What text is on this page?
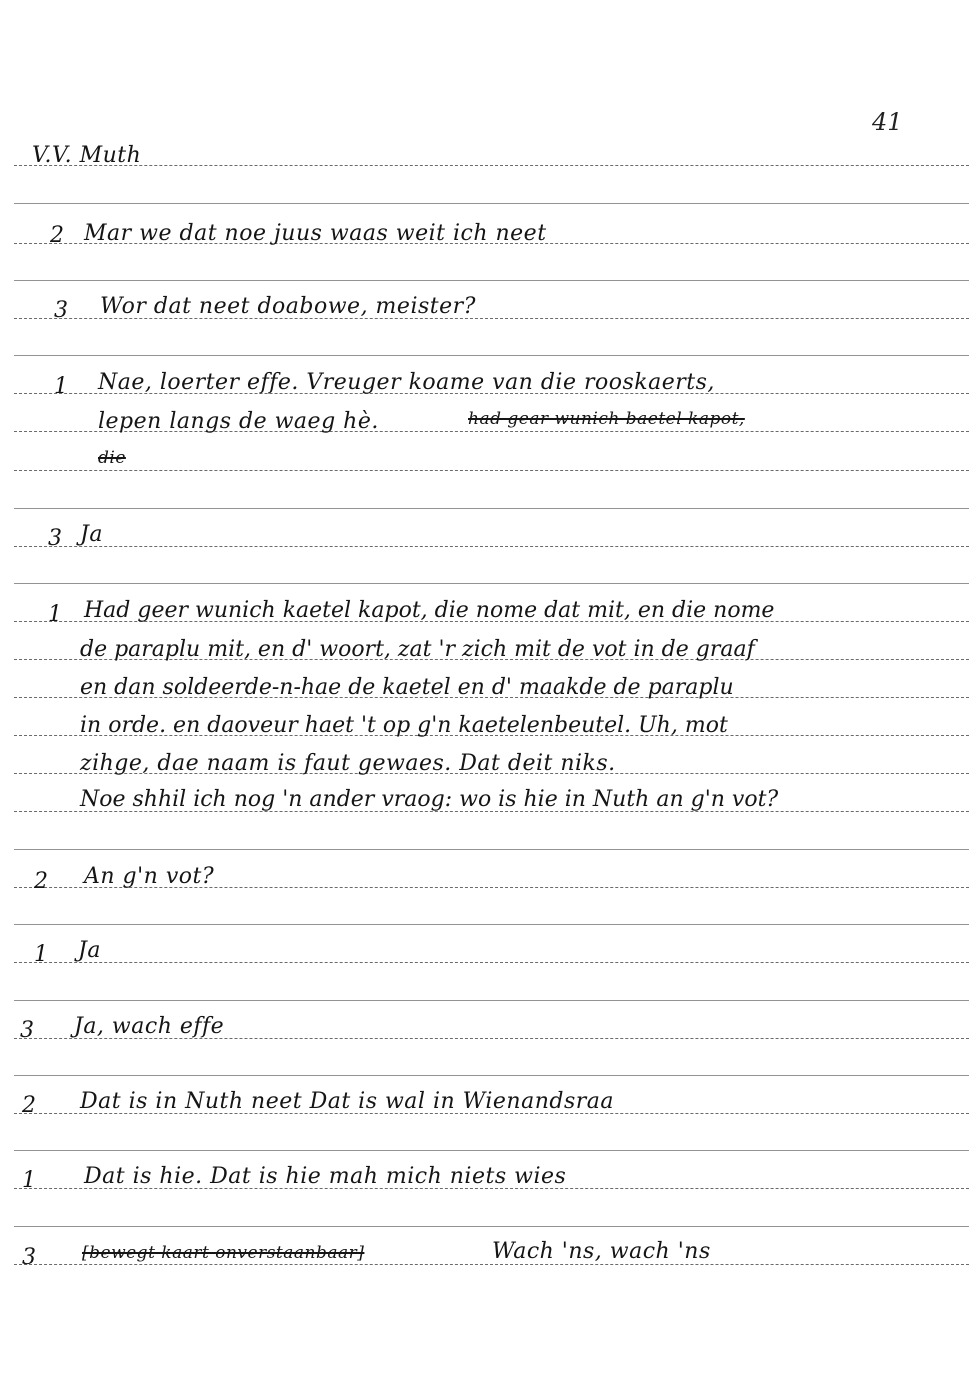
41
V.V. Muth
2 Mar we dat noe juus waas weit ich neet
3 Wor dat neet doabowe, meister?
1 Nae, loerter effe. Vreuger koame van die rooskaerts,
lepen langs de waeg hè.	had gear wunich baetel kapot,
die
3 Ja
1 Had geer wunich kaetel kapot, die nome dat mit, en die nome
de paraplu mit, en d' woort, zat 'r zich mit de vot in de graaf
en dan soldeerde-n-hae de kaetel en d' maakde de paraplu
in orde. en daoveur haet 't op g'n kaetelenbeutel. Uh, mot
zihge, dae naam is faut gewaes. Dat deit niks.
Noe shhil ich nog 'n ander vraog: wo is hie in Nuth an g'n vot?
2 An g'n vot?
1 Ja
3 Ja, wach effe
2 Dat is in Nuth neet Dat is wal in Wienandsraa
1 Dat is hie. Dat is hie mah mich niets wies
3	[bewegt kaart onverstaanbaar]	Wach 'ns, wach 'ns
